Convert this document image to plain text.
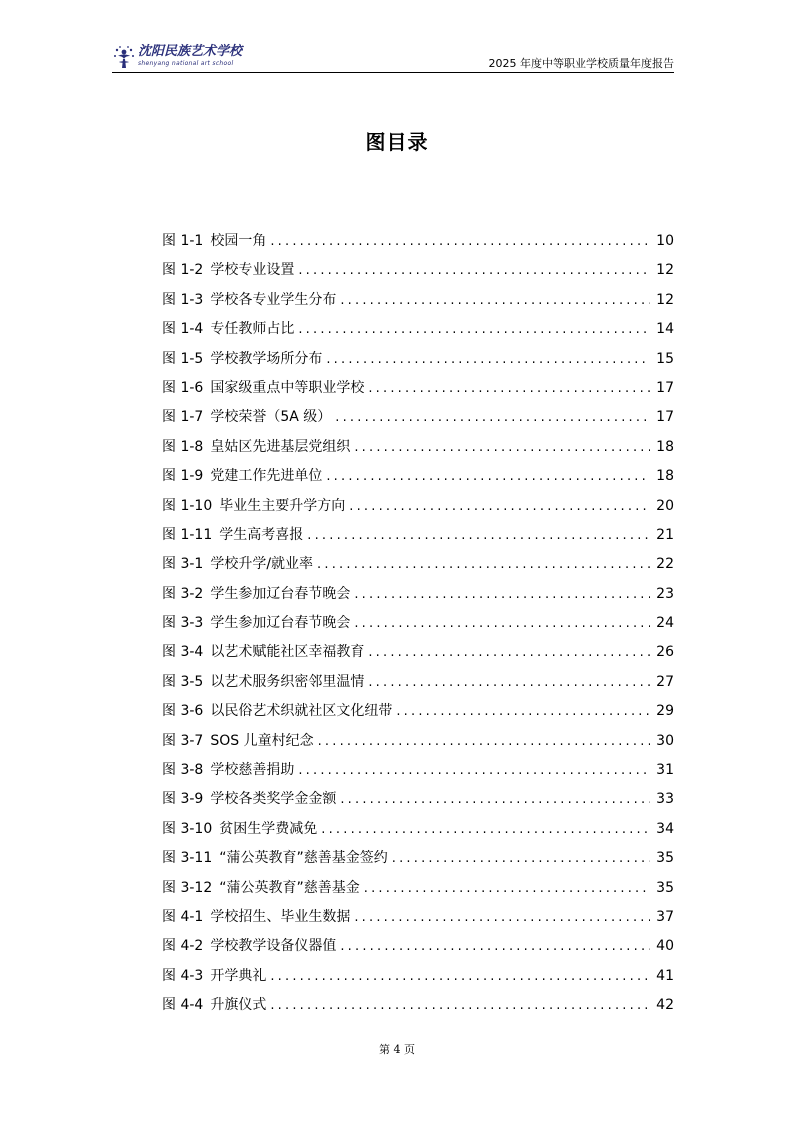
沈阳民族艺术学校
shenyang national art school	2025 年度中等职业学校质量年度报告
图目录
图 1-1 校园一角 .....	10
图 1-2 学校专业设置 .....	12
图 1-3 学校各专业学生分布 .....	12
图 1-4 专任教师占比 .....	14
图 1-5 学校教学场所分布 .....	15
图 1-6 国家级重点中等职业学校 .....	17
图 1-7 学校荣誉（5A 级） .....	17
图 1-8 皇姑区先进基层党组织 .....	18
图 1-9 党建工作先进单位 .....	18
图 1-10 毕业生主要升学方向 .....	20
图 1-11 学生高考喜报 .....	21
图 3-1 学校升学/就业率 .....	22
图 3-2 学生参加辽台春节晚会 .....	23
图 3-3 学生参加辽台春节晚会 .....	24
图 3-4 以艺术赋能社区幸福教育 .....	26
图 3-5 以艺术服务织密邻里温情 .....	27
图 3-6 以民俗艺术织就社区文化纽带 .....	29
图 3-7 SOS 儿童村纪念 .....	30
图 3-8 学校慈善捐助 .....	31
图 3-9 学校各类奖学金金额 .....	33
图 3-10 贫困生学费减免 .....	34
图 3-11 “蒲公英教育”慈善基金签约 .....	35
图 3-12 “蒲公英教育”慈善基金 .....	35
图 4-1 学校招生、毕业生数据 .....	37
图 4-2 学校教学设备仪器值 .....	40
图 4-3 开学典礼 .....	41
图 4-4 升旗仪式 .....	42
第 4 页
